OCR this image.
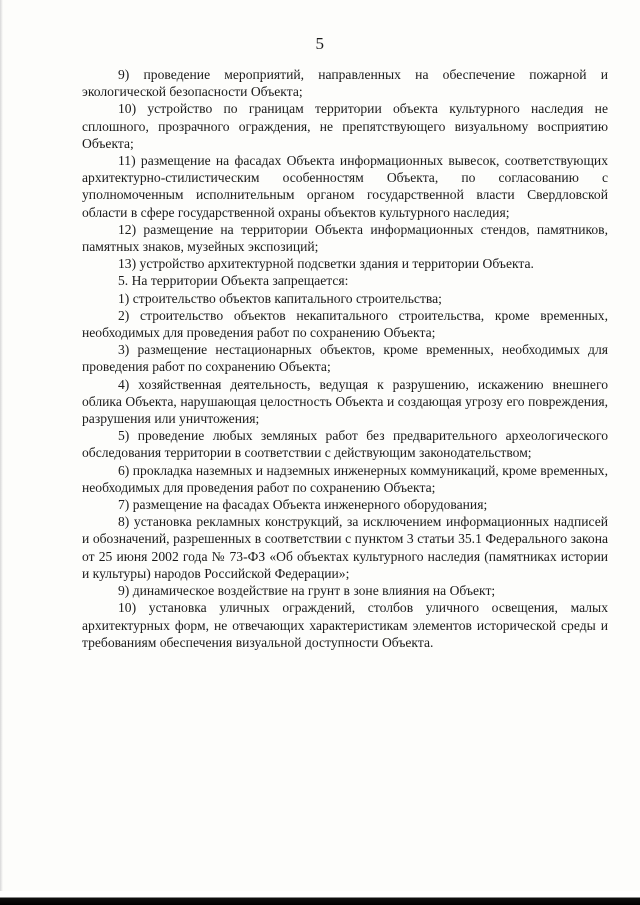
5

9) проведение мероприятий, направленных на обеспечение пожарной и экологической безопасности Объекта;

10) устройство по границам территории объекта культурного наследия не сплошного, прозрачного ограждения, не препятствующего визуальному восприятию Объекта;

11) размещение на фасадах Объекта информационных вывесок, соответствующих архитектурно-стилистическим особенностям Объекта, по согласованию с уполномоченным исполнительным органом государственной власти Свердловской области в сфере государственной охраны объектов культурного наследия;

12) размещение на территории Объекта информационных стендов, памятников, памятных знаков, музейных экспозиций;

13) устройство архитектурной подсветки здания и территории Объекта.

5. На территории Объекта запрещается:

1) строительство объектов капитального строительства;

2) строительство объектов некапитального строительства, кроме временных, необходимых для проведения работ по сохранению Объекта;

3) размещение нестационарных объектов, кроме временных, необходимых для проведения работ по сохранению Объекта;

4) хозяйственная деятельность, ведущая к разрушению, искажению внешнего облика Объекта, нарушающая целостность Объекта и создающая угрозу его повреждения, разрушения или уничтожения;

5) проведение любых земляных работ без предварительного археологического обследования территории в соответствии с действующим законодательством;

6) прокладка наземных и надземных инженерных коммуникаций, кроме временных, необходимых для проведения работ по сохранению Объекта;

7) размещение на фасадах Объекта инженерного оборудования;

8) установка рекламных конструкций, за исключением информационных надписей и обозначений, разрешенных в соответствии с пунктом 3 статьи 35.1 Федерального закона от 25 июня 2002 года № 73-ФЗ «Об объектах культурного наследия (памятниках истории и культуры) народов Российской Федерации»;

9) динамическое воздействие на грунт в зоне влияния на Объект;

10) установка уличных ограждений, столбов уличного освещения, малых архитектурных форм, не отвечающих характеристикам элементов исторической среды и требованиям обеспечения визуальной доступности Объекта.
